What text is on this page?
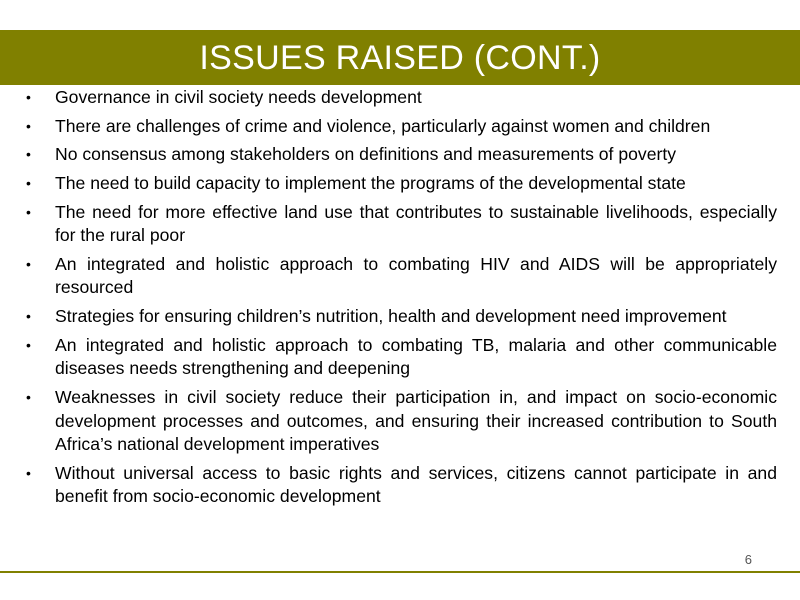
ISSUES RAISED (CONT.)
•	Governance in civil society needs development
•	There are challenges of crime and violence, particularly against women and children
•	No consensus among stakeholders on definitions and measurements of poverty
•	The need to build capacity to implement the programs of the developmental state
•	The need for more effective land use that contributes to sustainable livelihoods, especially for the rural poor
•	An integrated and holistic approach to combating HIV and AIDS will be appropriately resourced
•	Strategies for ensuring children’s nutrition, health and development need improvement
•	An integrated and holistic approach to combating TB, malaria and other communicable diseases needs strengthening and deepening
•	Weaknesses in civil society reduce their participation in, and impact on socio-economic development processes and outcomes, and ensuring their increased contribution to South Africa’s national development imperatives
•	Without universal access to basic rights and services, citizens cannot participate in and benefit from socio-economic development
6
